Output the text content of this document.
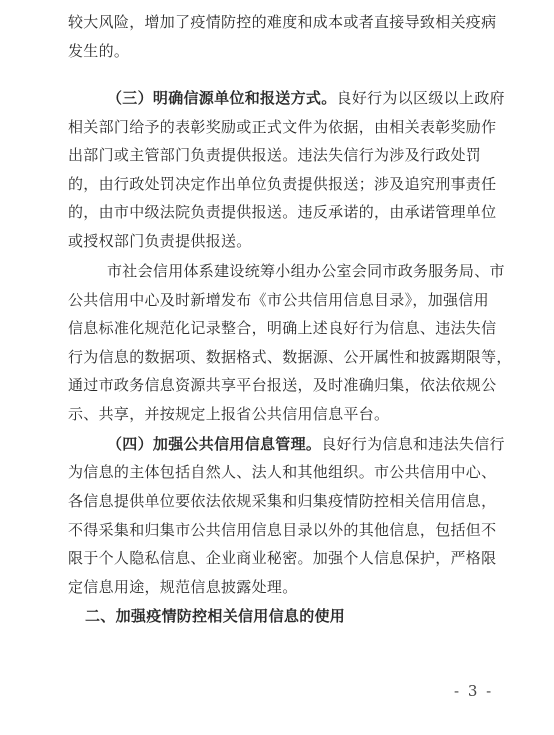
较大风险，增加了疫情防控的难度和成本或者直接导致相关疫病
发生的。
（三）明确信源单位和报送方式。良好行为以区级以上政府
相关部门给予的表彰奖励或正式文件为依据，由相关表彰奖励作
出部门或主管部门负责提供报送。违法失信行为涉及行政处罚
的，由行政处罚决定作出单位负责提供报送；涉及追究刑事责任
的，由市中级法院负责提供报送。违反承诺的，由承诺管理单位
或授权部门负责提供报送。
市社会信用体系建设统筹小组办公室会同市政务服务局、市
公共信用中心及时新增发布《市公共信用信息目录》，加强信用
信息标准化规范化记录整合，明确上述良好行为信息、违法失信
行为信息的数据项、数据格式、数据源、公开属性和披露期限等，
通过市政务信息资源共享平台报送，及时准确归集，依法依规公
示、共享，并按规定上报省公共信用信息平台。
（四）加强公共信用信息管理。良好行为信息和违法失信行
为信息的主体包括自然人、法人和其他组织。市公共信用中心、
各信息提供单位要依法依规采集和归集疫情防控相关信用信息，
不得采集和归集市公共信用信息目录以外的其他信息，包括但不
限于个人隐私信息、企业商业秘密。加强个人信息保护，严格限
定信息用途，规范信息披露处理。
二、加强疫情防控相关信用信息的使用
- 3 -
